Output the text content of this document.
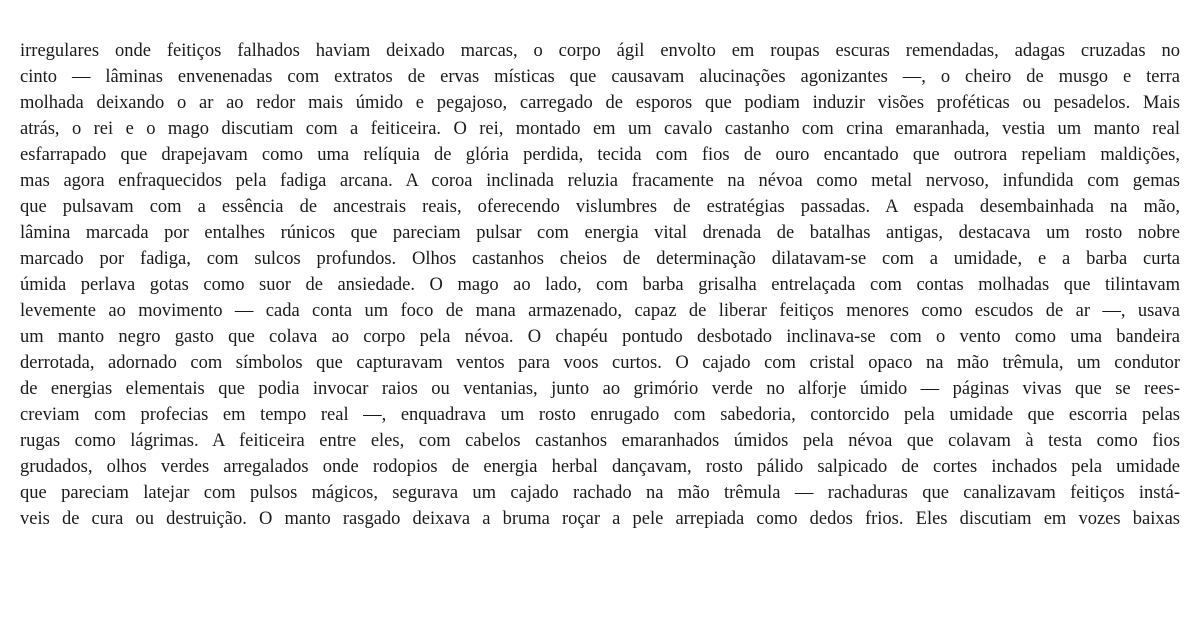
irregulares onde feitiços falhados haviam deixado marcas, o corpo ágil envolto em roupas escuras remendadas, adagas cruzadas no
cinto — lâminas envenenadas com extratos de ervas místicas que causavam alucinações agonizantes —, o cheiro de musgo e terra
molhada deixando o ar ao redor mais úmido e pegajoso, carregado de esporos que podiam induzir visões proféticas ou pesadelos. Mais
atrás, o rei e o mago discutiam com a feiticeira. O rei, montado em um cavalo castanho com crina emaranhada, vestia um manto real
esfarrapado que drapejavam como uma relíquia de glória perdida, tecida com fios de ouro encantado que outrora repeliam maldições,
mas agora enfraquecidos pela fadiga arcana. A coroa inclinada reluzia fracamente na névoa como metal nervoso, infundida com gemas
que pulsavam com a essência de ancestrais reais, oferecendo vislumbres de estratégias passadas. A espada desembainhada na mão,
lâmina marcada por entalhes rúnicos que pareciam pulsar com energia vital drenada de batalhas antigas, destacava um rosto nobre
marcado por fadiga, com sulcos profundos. Olhos castanhos cheios de determinação dilatavam-se com a umidade, e a barba curta
úmida perlava gotas como suor de ansiedade. O mago ao lado, com barba grisalha entrelaçada com contas molhadas que tilintavam
levemente ao movimento — cada conta um foco de mana armazenado, capaz de liberar feitiços menores como escudos de ar —, usava
um manto negro gasto que colava ao corpo pela névoa. O chapéu pontudo desbotado inclinava-se com o vento como uma bandeira
derrotada, adornado com símbolos que capturavam ventos para voos curtos. O cajado com cristal opaco na mão trêmula, um condutor
de energias elementais que podia invocar raios ou ventanias, junto ao grimório verde no alforje úmido — páginas vivas que se rees-
creviam com profecias em tempo real —, enquadrava um rosto enrugado com sabedoria, contorcido pela umidade que escorria pelas
rugas como lágrimas. A feiticeira entre eles, com cabelos castanhos emaranhados úmidos pela névoa que colavam à testa como fios
grudados, olhos verdes arregalados onde rodopios de energia herbal dançavam, rosto pálido salpicado de cortes inchados pela umidade
que pareciam latejar com pulsos mágicos, segurava um cajado rachado na mão trêmula — rachaduras que canalizavam feitiços instá-
veis de cura ou destruição. O manto rasgado deixava a bruma roçar a pele arrepiada como dedos frios. Eles discutiam em vozes baixas
